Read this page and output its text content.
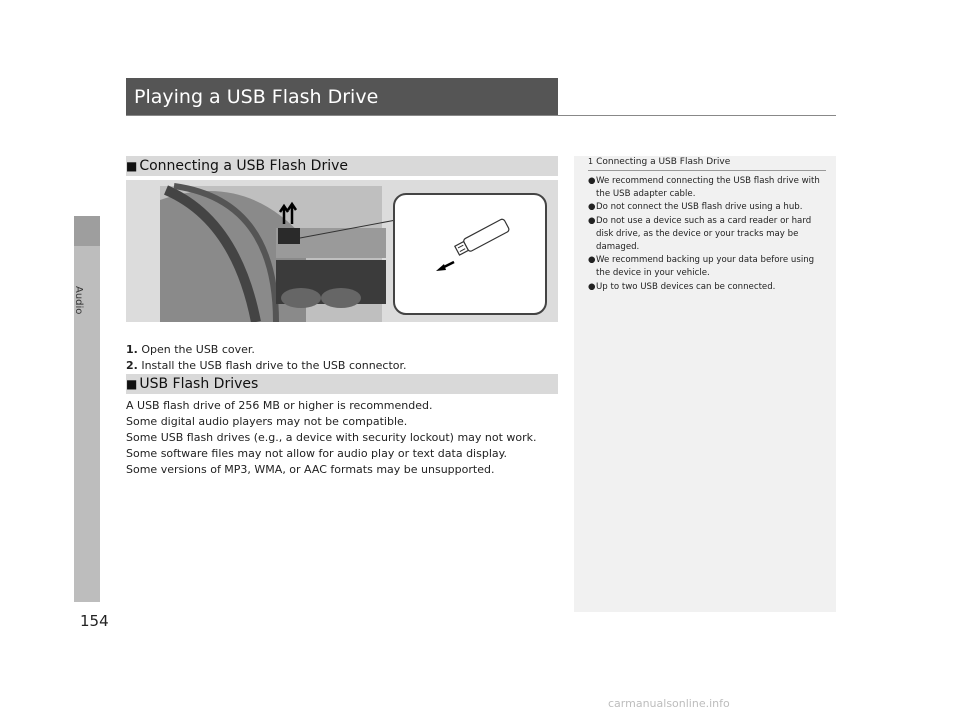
Audio
154
Playing a USB Flash Drive
■ Connecting a USB Flash Drive
1. Open the USB cover.
2. Install the USB flash drive to the USB connector.
■ USB Flash Drives
A USB flash drive of 256 MB or higher is recommended.
Some digital audio players may not be compatible.
Some USB flash drives (e.g., a device with security lockout) may not work.
Some software files may not allow for audio play or text data display.
Some versions of MP3, WMA, or AAC formats may be unsupported.
1 Connecting a USB Flash Drive
● We recommend connecting the USB flash drive with the USB adapter cable.
● Do not connect the USB flash drive using a hub.
● Do not use a device such as a card reader or hard disk drive, as the device or your tracks may be damaged.
● We recommend backing up your data before using the device in your vehicle.
● Up to two USB devices can be connected.
carmanualsonline.info
